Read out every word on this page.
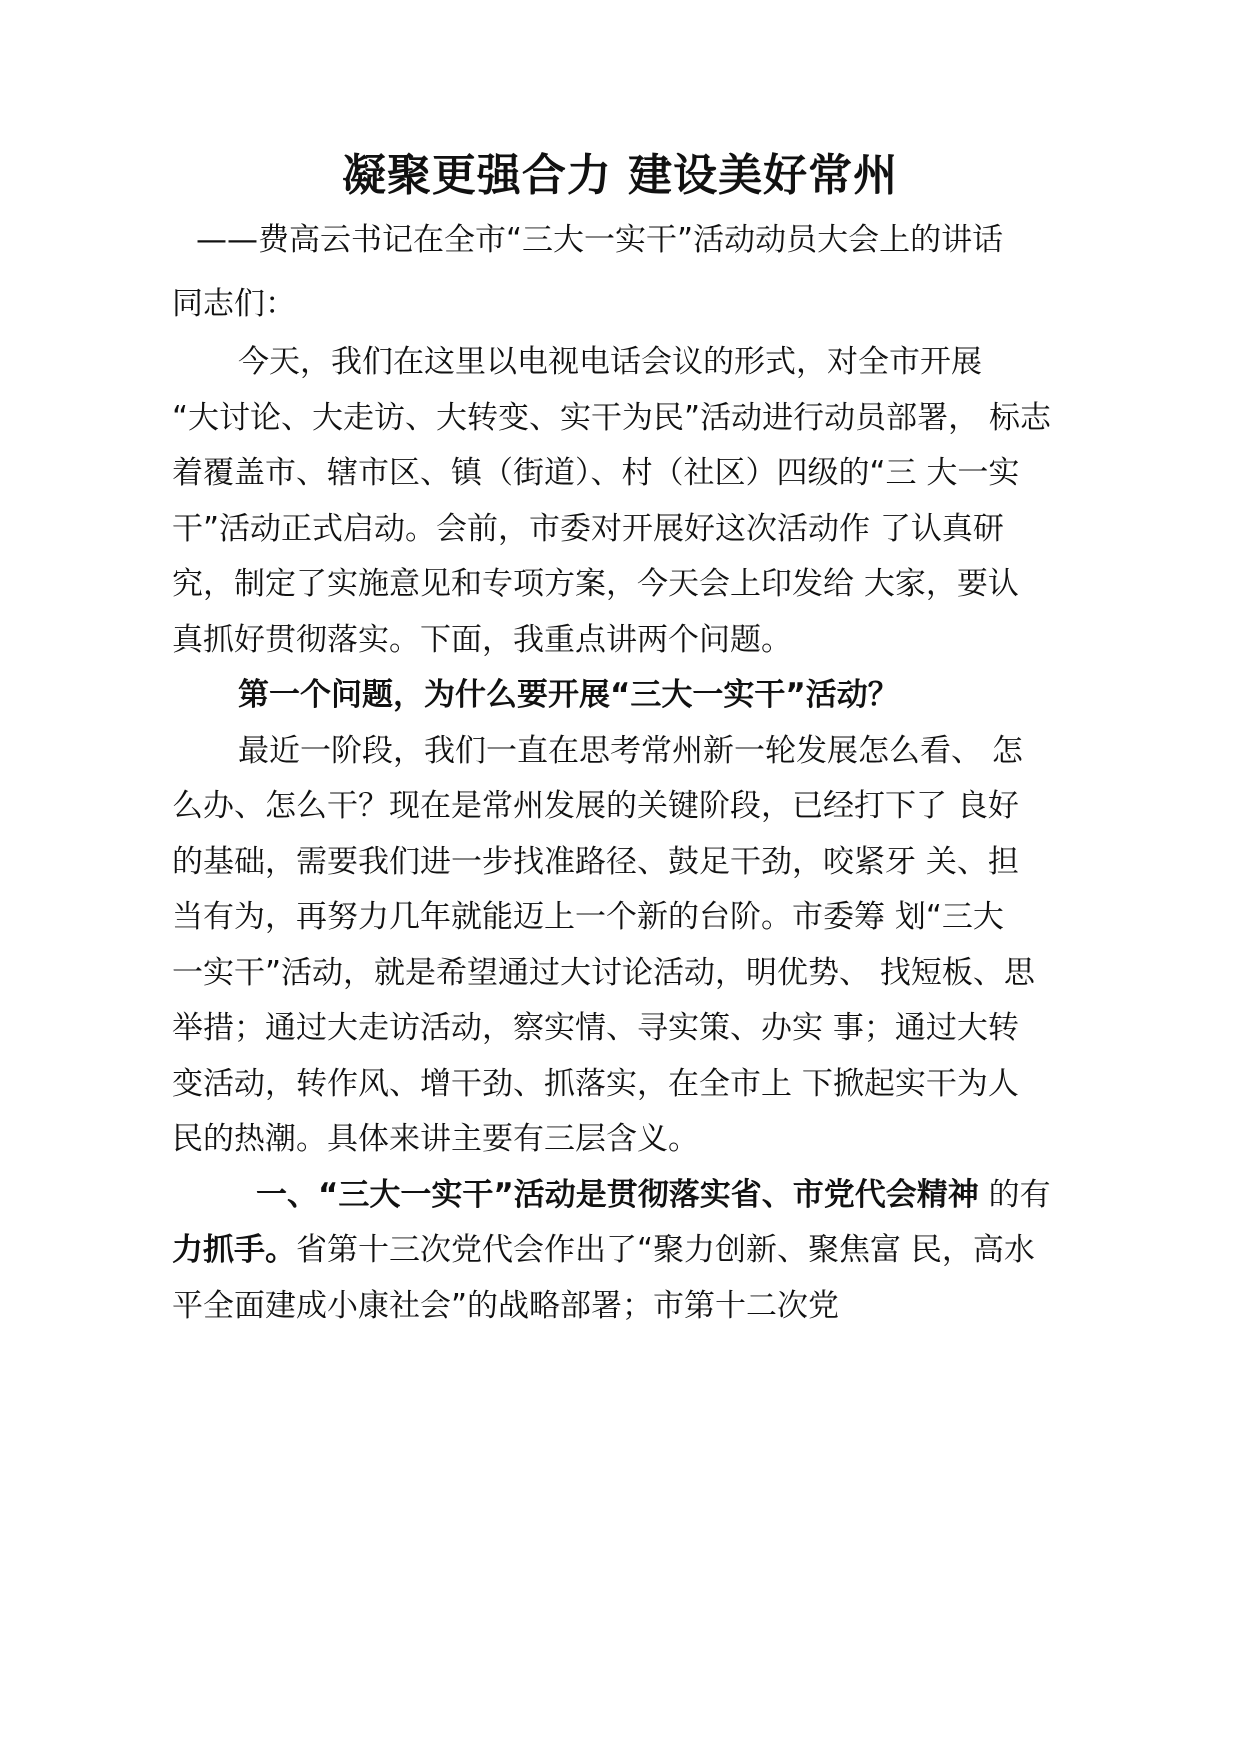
凝聚更强合力 建设美好常州
——费高云书记在全市“三大一实干”活动动员大会上的讲话
同志们：
今天，我们在这里以电视电话会议的形式，对全市开展
“大讨论、大走访、大转变、实干为民”活动进行动员部署， 标志
着覆盖市、辖市区、镇（街道）、村（社区）四级的“三 大一实
干”活动正式启动。会前，市委对开展好这次活动作 了认真研
究，制定了实施意见和专项方案，今天会上印发给 大家，要认
真抓好贯彻落实。下面，我重点讲两个问题。
第一个问题，为什么要开展“三大一实干”活动？
最近一阶段，我们一直在思考常州新一轮发展怎么看、 怎
么办、怎么干？现在是常州发展的关键阶段，已经打下了 良好
的基础，需要我们进一步找准路径、鼓足干劲，咬紧牙 关、担
当有为，再努力几年就能迈上一个新的台阶。市委筹 划“三大
一实干”活动，就是希望通过大讨论活动，明优势、 找短板、思
举措；通过大走访活动，察实情、寻实策、办实 事；通过大转
变活动，转作风、增干劲、抓落实，在全市上 下掀起实干为人
民的热潮。具体来讲主要有三层含义。
一、“三大一实干”活动是贯彻落实省、市党代会精神 的有
力抓手。省第十三次党代会作出了“聚力创新、聚焦富 民，高水
平全面建成小康社会”的战略部署；市第十二次党
